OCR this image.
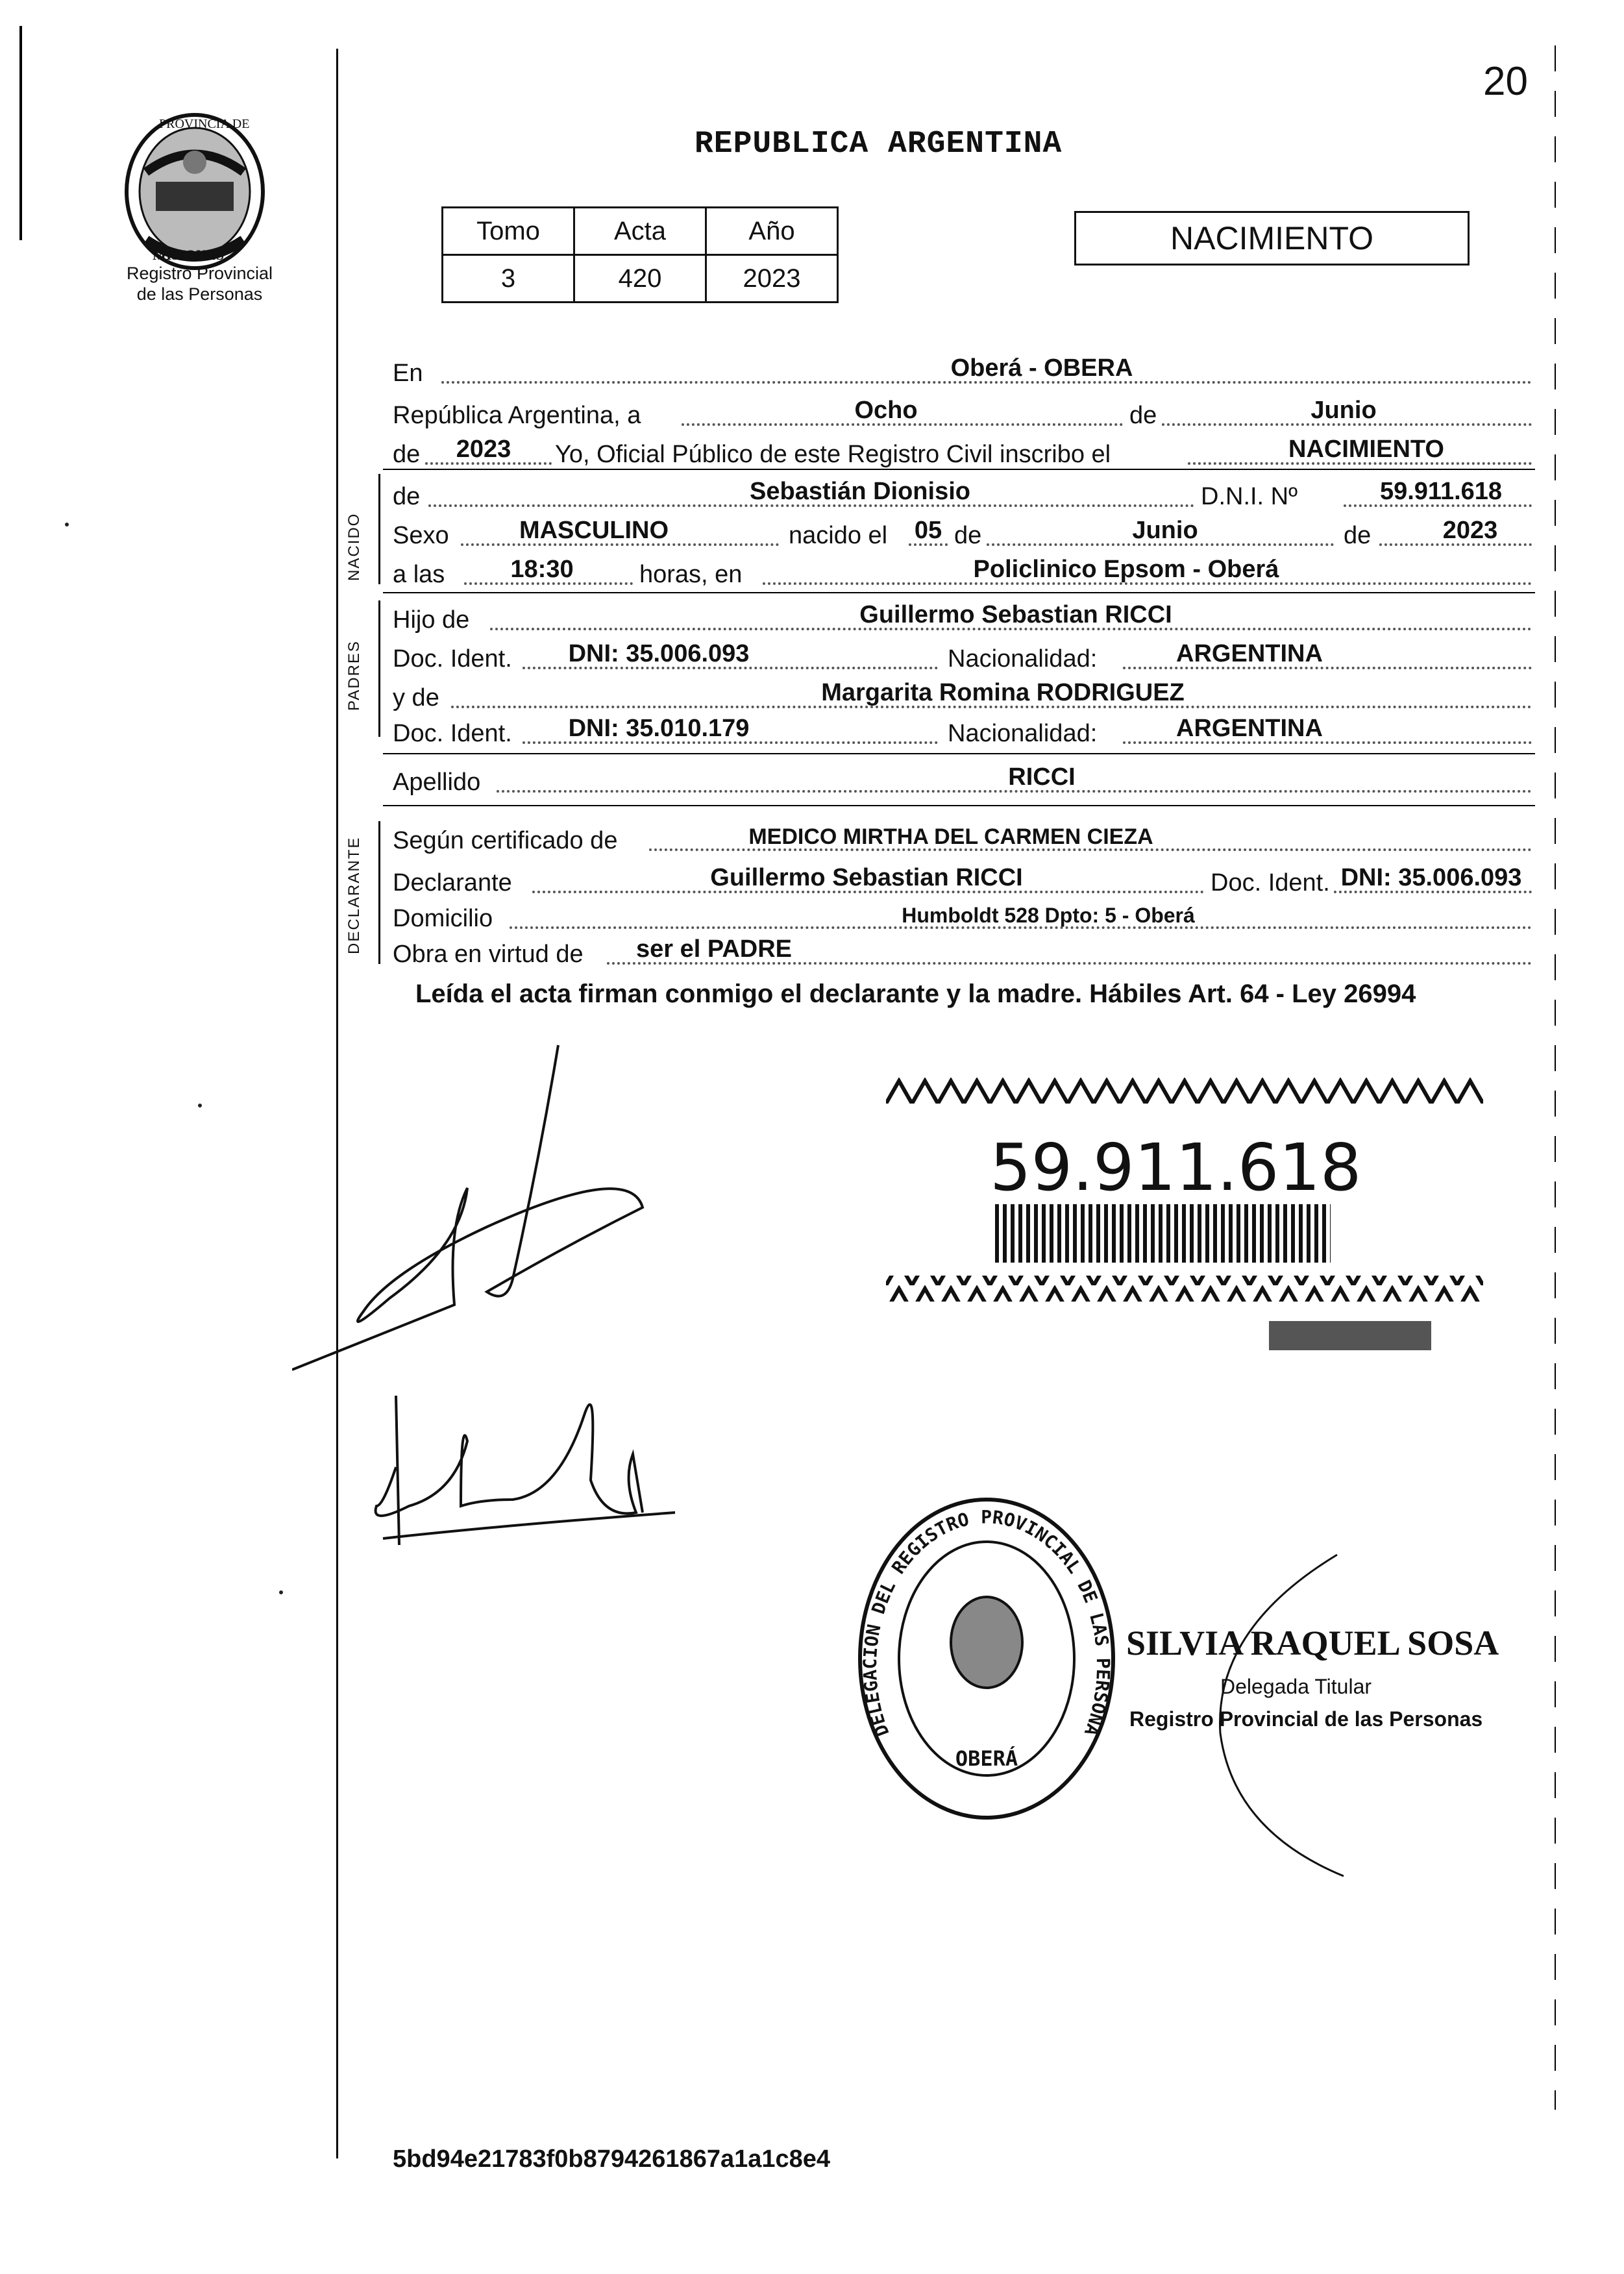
20
PROVINCIA DE
MISIONES
Registro Provincial
de las Personas
REPUBLICA ARGENTINA
Tomo	Acta	Año
3	420	2023
NACIMIENTO
En	Oberá - OBERA
República Argentina, a	Ocho	de	Junio
de	2023	Yo, Oficial Público de este Registro Civil inscribo el	NACIMIENTO
NACIDO
de	Sebastián Dionisio	D.N.I. Nº	59.911.618
Sexo	MASCULINO	nacido el 05 de	Junio	de	2023
a las	18:30	horas, en	Policlinico Epsom - Oberá
PADRES
Hijo de	Guillermo Sebastian RICCI
Doc. Ident.	DNI: 35.006.093	Nacionalidad:	ARGENTINA
y de	Margarita Romina RODRIGUEZ
Doc. Ident.	DNI: 35.010.179	Nacionalidad:	ARGENTINA
Apellido	RICCI
DECLARANTE Según certificado de	MEDICO MIRTHA DEL CARMEN CIEZA
Declarante	Guillermo Sebastian RICCI	Doc. Ident. DNI: 35.006.093
Domicilio	Humboldt 528 Dpto: 5 - Oberá
Obra en virtud de	ser el PADRE
Leída el acta firman conmigo el declarante y la madre. Hábiles Art. 64 - Ley 26994
59.911.618
DELEGACION DEL REGISTRO PROVINCIAL DE LAS PERSONA
OBERÁ
SILVIA RAQUEL SOSA
Delegada Titular
Registro Provincial de las Personas
5bd94e21783f0b8794261867a1a1c8e4
